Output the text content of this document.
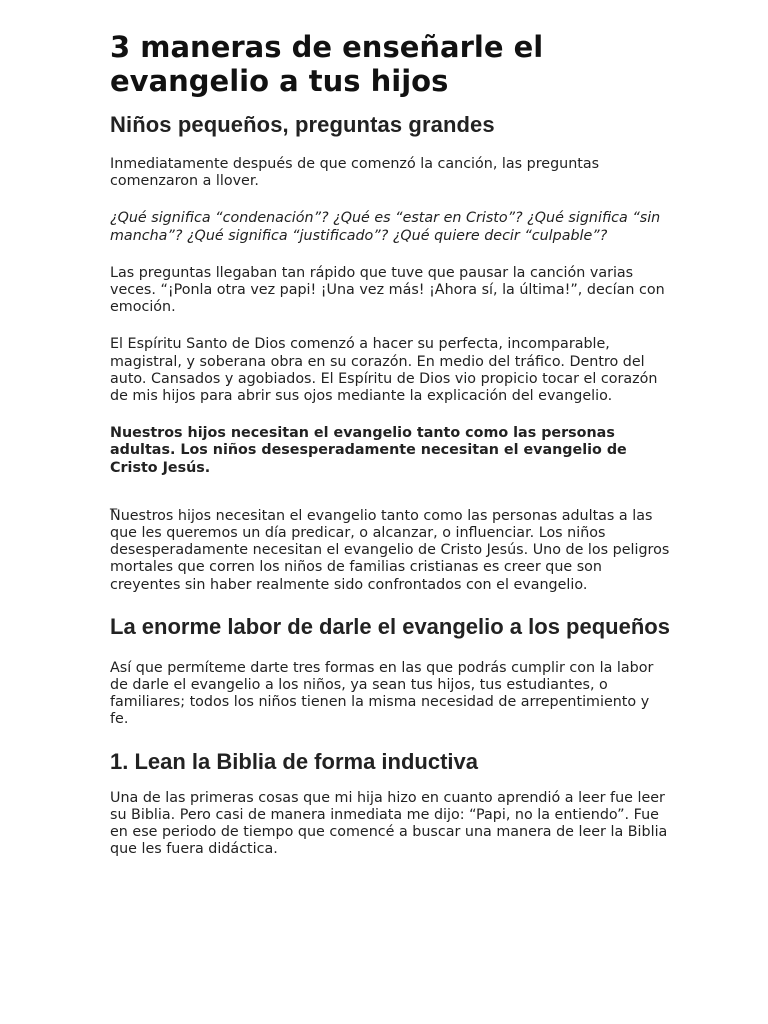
3 maneras de enseñarle el evangelio a tus hijos
Niños pequeños, preguntas grandes

Inmediatamente después de que comenzó la canción, las preguntas comenzaron a llover.

¿Qué significa “condenación”? ¿Qué es “estar en Cristo”? ¿Qué significa “sin mancha”? ¿Qué significa “justificado”? ¿Qué quiere decir “culpable”?

Las preguntas llegaban tan rápido que tuve que pausar la canción varias veces. “¡Ponla otra vez papi! ¡Una vez más! ¡Ahora sí, la última!”, decían con emoción.

El Espíritu Santo de Dios comenzó a hacer su perfecta, incomparable, magistral, y soberana obra en su corazón. En medio del tráfico. Dentro del auto. Cansados y agobiados. El Espíritu de Dios vio propicio tocar el corazón de mis hijos para abrir sus ojos mediante la explicación del evangelio.

Nuestros hijos necesitan el evangelio tanto como las personas adultas. Los niños desesperadamente necesitan el evangelio de Cristo Jesús.

_

Nuestros hijos necesitan el evangelio tanto como las personas adultas a las que les queremos un día predicar, o alcanzar, o influenciar. Los niños desesperadamente necesitan el evangelio de Cristo Jesús. Uno de los peligros mortales que corren los niños de familias cristianas es creer que son creyentes sin haber realmente sido confrontados con el evangelio.

La enorme labor de darle el evangelio a los pequeños

Así que permíteme darte tres formas en las que podrás cumplir con la labor de darle el evangelio a los niños, ya sean tus hijos, tus estudiantes, o familiares; todos los niños tienen la misma necesidad de arrepentimiento y fe.

1. Lean la Biblia de forma inductiva

Una de las primeras cosas que mi hija hizo en cuanto aprendió a leer fue leer su Biblia. Pero casi de manera inmediata me dijo: “Papi, no la entiendo”. Fue en ese periodo de tiempo que comencé a buscar una manera de leer la Biblia que les fuera didáctica.
